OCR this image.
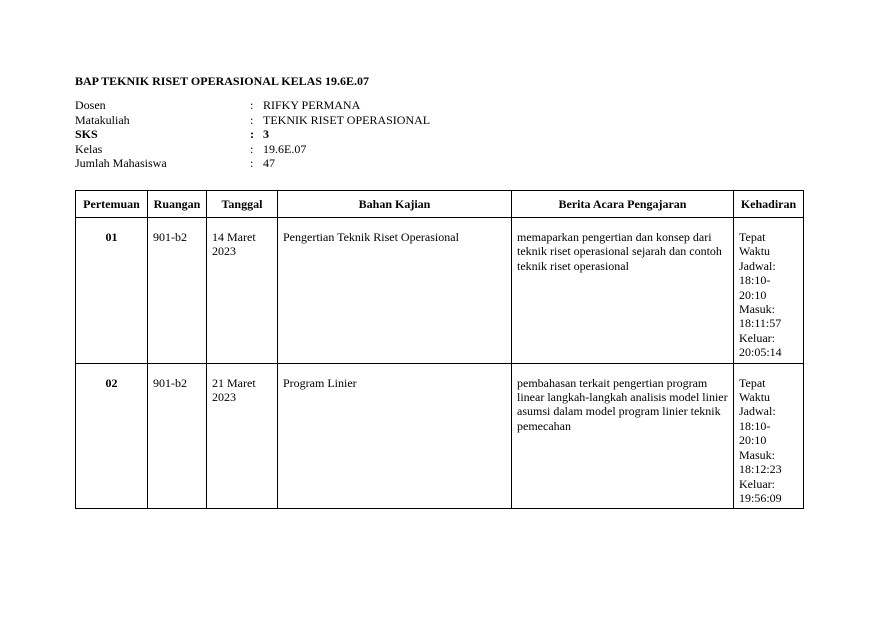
BAP TEKNIK RISET OPERASIONAL KELAS 19.6E.07
Dosen	: RIFKY PERMANA
Matakuliah	: TEKNIK RISET OPERASIONAL
SKS	: 3
Kelas	: 19.6E.07
Jumlah Mahasiswa	: 47
Pertemuan	Ruangan	Tanggal	Bahan Kajian	Berita Acara Pengajaran	Kehadiran

01	901-b2	14 Maret 2023	Pengertian Teknik Riset Operasional	memaparkan pengertian dan konsep dari teknik riset operasional sejarah dan contoh teknik riset operasional	Tepat Waktu
Jadwal: 18:10- 20:10
Masuk: 18:11:57
Keluar: 20:05:14

02	901-b2	21 Maret 2023	Program Linier	pembahasan terkait pengertian program linear langkah-langkah analisis model linier asumsi dalam model program linier teknik pemecahan	Tepat Waktu
Jadwal: 18:10- 20:10
Masuk: 18:12:23
Keluar: 19:56:09
